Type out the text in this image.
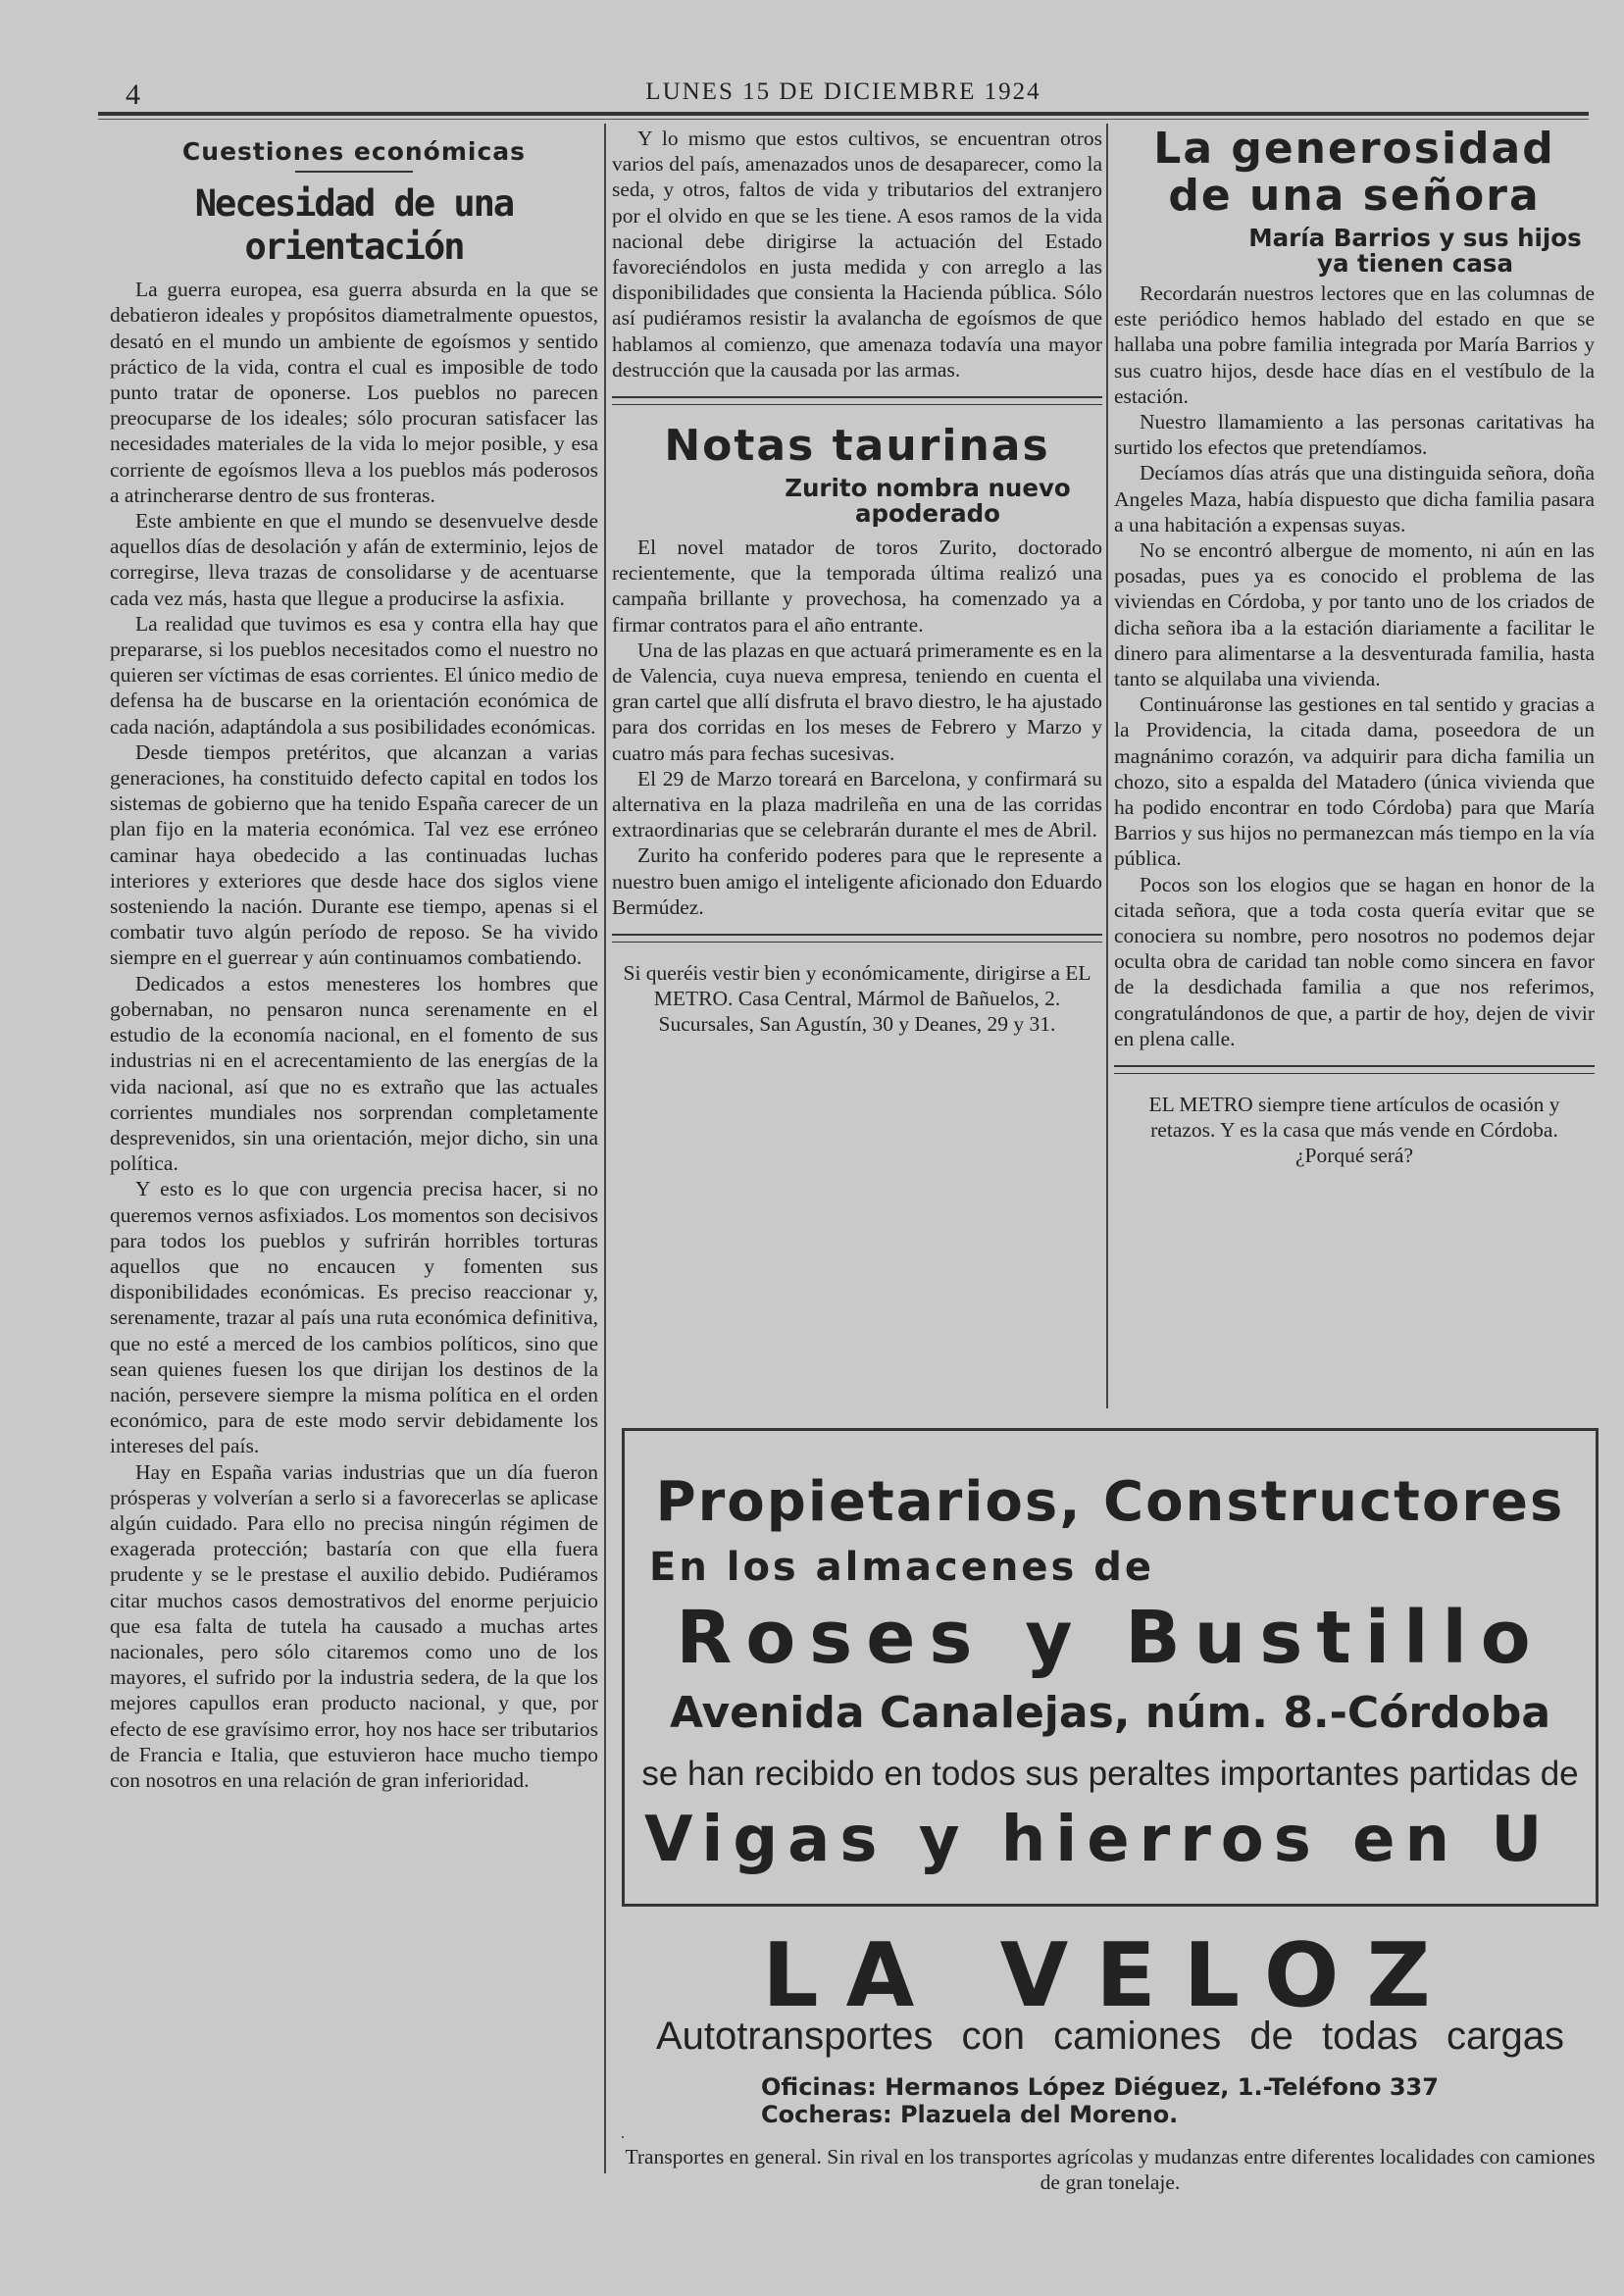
4	LUNES 15 DE DICIEMBRE 1924
Cuestiones económicas
Necesidad de una orientación

La guerra europea, esa guerra absurda en la que se debatieron ideales y propósitos diametralmente opuestos, desató en el mundo un ambiente de egoísmos y sentido práctico de la vida, contra el cual es imposible de todo punto tratar de oponerse. Los pueblos no parecen preocuparse de los ideales; sólo procuran satisfacer las necesidades materiales de la vida lo mejor posible, y esa corriente de egoísmos lleva a los pueblos más poderosos a atrincherarse dentro de sus fronteras.

Este ambiente en que el mundo se desenvuelve desde aquellos días de desolación y afán de exterminio, lejos de corregirse, lleva trazas de consolidarse y de acentuarse cada vez más, hasta que llegue a producirse la asfixia.

La realidad que tuvimos es esa y contra ella hay que prepararse, si los pueblos necesitados como el nuestro no quieren ser víctimas de esas corrientes. El único medio de defensa ha de buscarse en la orientación económica de cada nación, adaptándola a sus posibilidades económicas.

Desde tiempos pretéritos, que alcanzan a varias generaciones, ha constituido defecto capital en todos los sistemas de gobierno que ha tenido España carecer de un plan fijo en la materia económica. Tal vez ese erróneo caminar haya obedecido a las continuadas luchas interiores y exteriores que desde hace dos siglos viene sosteniendo la nación. Durante ese tiempo, apenas si el combatir tuvo algún período de reposo. Se ha vivido siempre en el guerrear y aún continuamos combatiendo.

Dedicados a estos menesteres los hombres que gobernaban, no pensaron nunca serenamente en el estudio de la economía nacional, en el fomento de sus industrias ni en el acrecentamiento de las energías de la vida nacional, así que no es extraño que las actuales corrientes mundiales nos sorprendan completamente desprevenidos, sin una orientación, mejor dicho, sin una política.

Y esto es lo que con urgencia precisa hacer, si no queremos vernos asfixiados. Los momentos son decisivos para todos los pueblos y sufrirán horribles torturas aquellos que no encaucen y fomenten sus disponibilidades económicas. Es preciso reaccionar y, serenamente, trazar al país una ruta económica definitiva, que no esté a merced de los cambios políticos, sino que sean quienes fuesen los que dirijan los destinos de la nación, persevere siempre la misma política en el orden económico, para de este modo servir debidamente los intereses del país.

Hay en España varias industrias que un día fueron prósperas y volverían a serlo si a favorecerlas se aplicase algún cuidado. Para ello no precisa ningún régimen de exagerada protección; bastaría con que ella fuera prudente y se le prestase el auxilio debido. Pudiéramos citar muchos casos demostrativos del enorme perjuicio que esa falta de tutela ha causado a muchas artes nacionales, pero sólo citaremos como uno de los mayores, el sufrido por la industria sedera, de la que los mejores capullos eran producto nacional, y que, por efecto de ese gravísimo error, hoy nos hace ser tributarios de Francia e Italia, que estuvieron hace mucho tiempo con nosotros en una relación de gran inferioridad.

Y lo mismo que estos cultivos, se encuentran otros varios del país, amenazados unos de desaparecer, como la seda, y otros, faltos de vida y tributarios del extranjero por el olvido en que se les tiene. A esos ramos de la vida nacional debe dirigirse la actuación del Estado favoreciéndolos en justa medida y con arreglo a las disponibilidades que consienta la Hacienda pública. Sólo así pudiéramos resistir la avalancha de egoísmos de que hablamos al comienzo, que amenaza todavía una mayor destrucción que la causada por las armas.

Notas taurinas
Zurito nombra nuevo apoderado

El novel matador de toros Zurito, doctorado recientemente, que la temporada última realizó una campaña brillante y provechosa, ha comenzado ya a firmar contratos para el año entrante.

Una de las plazas en que actuará primeramente es en la de Valencia, cuya nueva empresa, teniendo en cuenta el gran cartel que allí disfruta el bravo diestro, le ha ajustado para dos corridas en los meses de Febrero y Marzo y cuatro más para fechas sucesivas.

El 29 de Marzo toreará en Barcelona, y confirmará su alternativa en la plaza madrileña en una de las corridas extraordinarias que se celebrarán durante el mes de Abril.

Zurito ha conferido poderes para que le represente a nuestro buen amigo el inteligente aficionado don Eduardo Bermúdez.

Si queréis vestir bien y económicamente, dirigirse a EL METRO. Casa Central, Mármol de Bañuelos, 2. Sucursales, San Agustín, 30 y Deanes, 29 y 31.

La generosidad de una señora
María Barrios y sus hijos ya tienen casa

Recordarán nuestros lectores que en las columnas de este periódico hemos hablado del estado en que se hallaba una pobre familia integrada por María Barrios y sus cuatro hijos, desde hace días en el vestíbulo de la estación.

Nuestro llamamiento a las personas caritativas ha surtido los efectos que pretendíamos.

Decíamos días atrás que una distinguida señora, doña Angeles Maza, había dispuesto que dicha familia pasara a una habitación a expensas suyas.

No se encontró albergue de momento, ni aún en las posadas, pues ya es conocido el problema de las viviendas en Córdoba, y por tanto uno de los criados de dicha señora iba a la estación diariamente a facilitar le dinero para alimentarse a la desventurada familia, hasta tanto se alquilaba una vivienda.

Continuáronse las gestiones en tal sentido y gracias a la Providencia, la citada dama, poseedora de un magnánimo corazón, va adquirir para dicha familia un chozo, sito a espalda del Matadero (única vivienda que ha podido encontrar en todo Córdoba) para que María Barrios y sus hijos no permanezcan más tiempo en la vía pública.

Pocos son los elogios que se hagan en honor de la citada señora, que a toda costa quería evitar que se conociera su nombre, pero nosotros no podemos dejar oculta obra de caridad tan noble como sincera en favor de la desdichada familia a que nos referimos, congratulándonos de que, a partir de hoy, dejen de vivir en plena calle.

EL METRO siempre tiene artículos de ocasión y retazos. Y es la casa que más vende en Córdoba. ¿Porqué será?

Propietarios, Constructores
En los almacenes de
Roses y Bustillo
Avenida Canalejas, núm. 8.-Córdoba
se han recibido en todos sus peraltes importantes partidas de
Vigas y hierros en U
LA VELOZ
Autotransportes con camiones de todas cargas
Oficinas: Hermanos López Diéguez, 1.-Teléfono 337
Cocheras: Plazuela del Moreno.
Transportes en general. Sin rival en los transportes agrícolas y mudanzas entre diferentes localidades con camiones de gran tonelaje.
